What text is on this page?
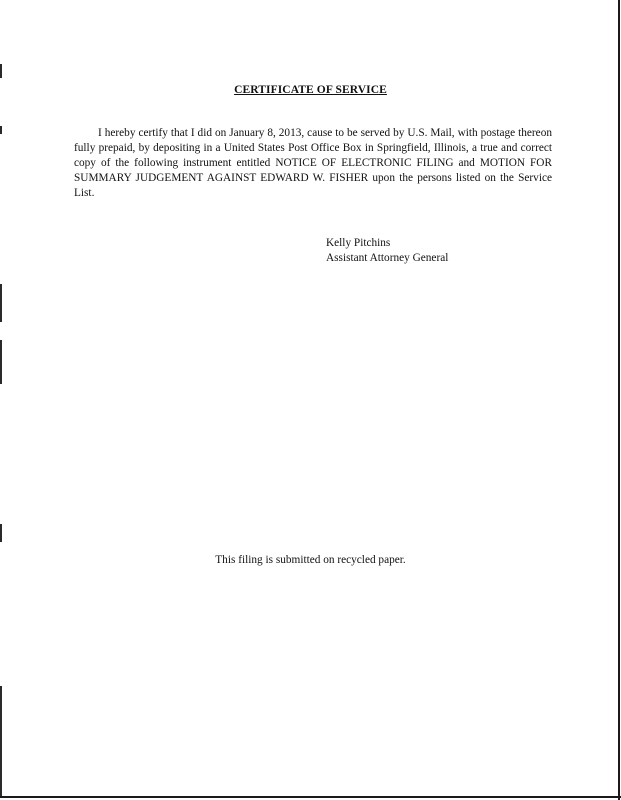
CERTIFICATE OF SERVICE
I hereby certify that I did on January 8, 2013, cause to be served by U.S. Mail, with postage thereon fully prepaid, by depositing in a United States Post Office Box in Springfield, Illinois, a true and correct copy of the following instrument entitled NOTICE OF ELECTRONIC FILING and MOTION FOR SUMMARY JUDGEMENT AGAINST EDWARD W. FISHER upon the persons listed on the Service List.
Kelly Pitchins
Assistant Attorney General
This filing is submitted on recycled paper.
